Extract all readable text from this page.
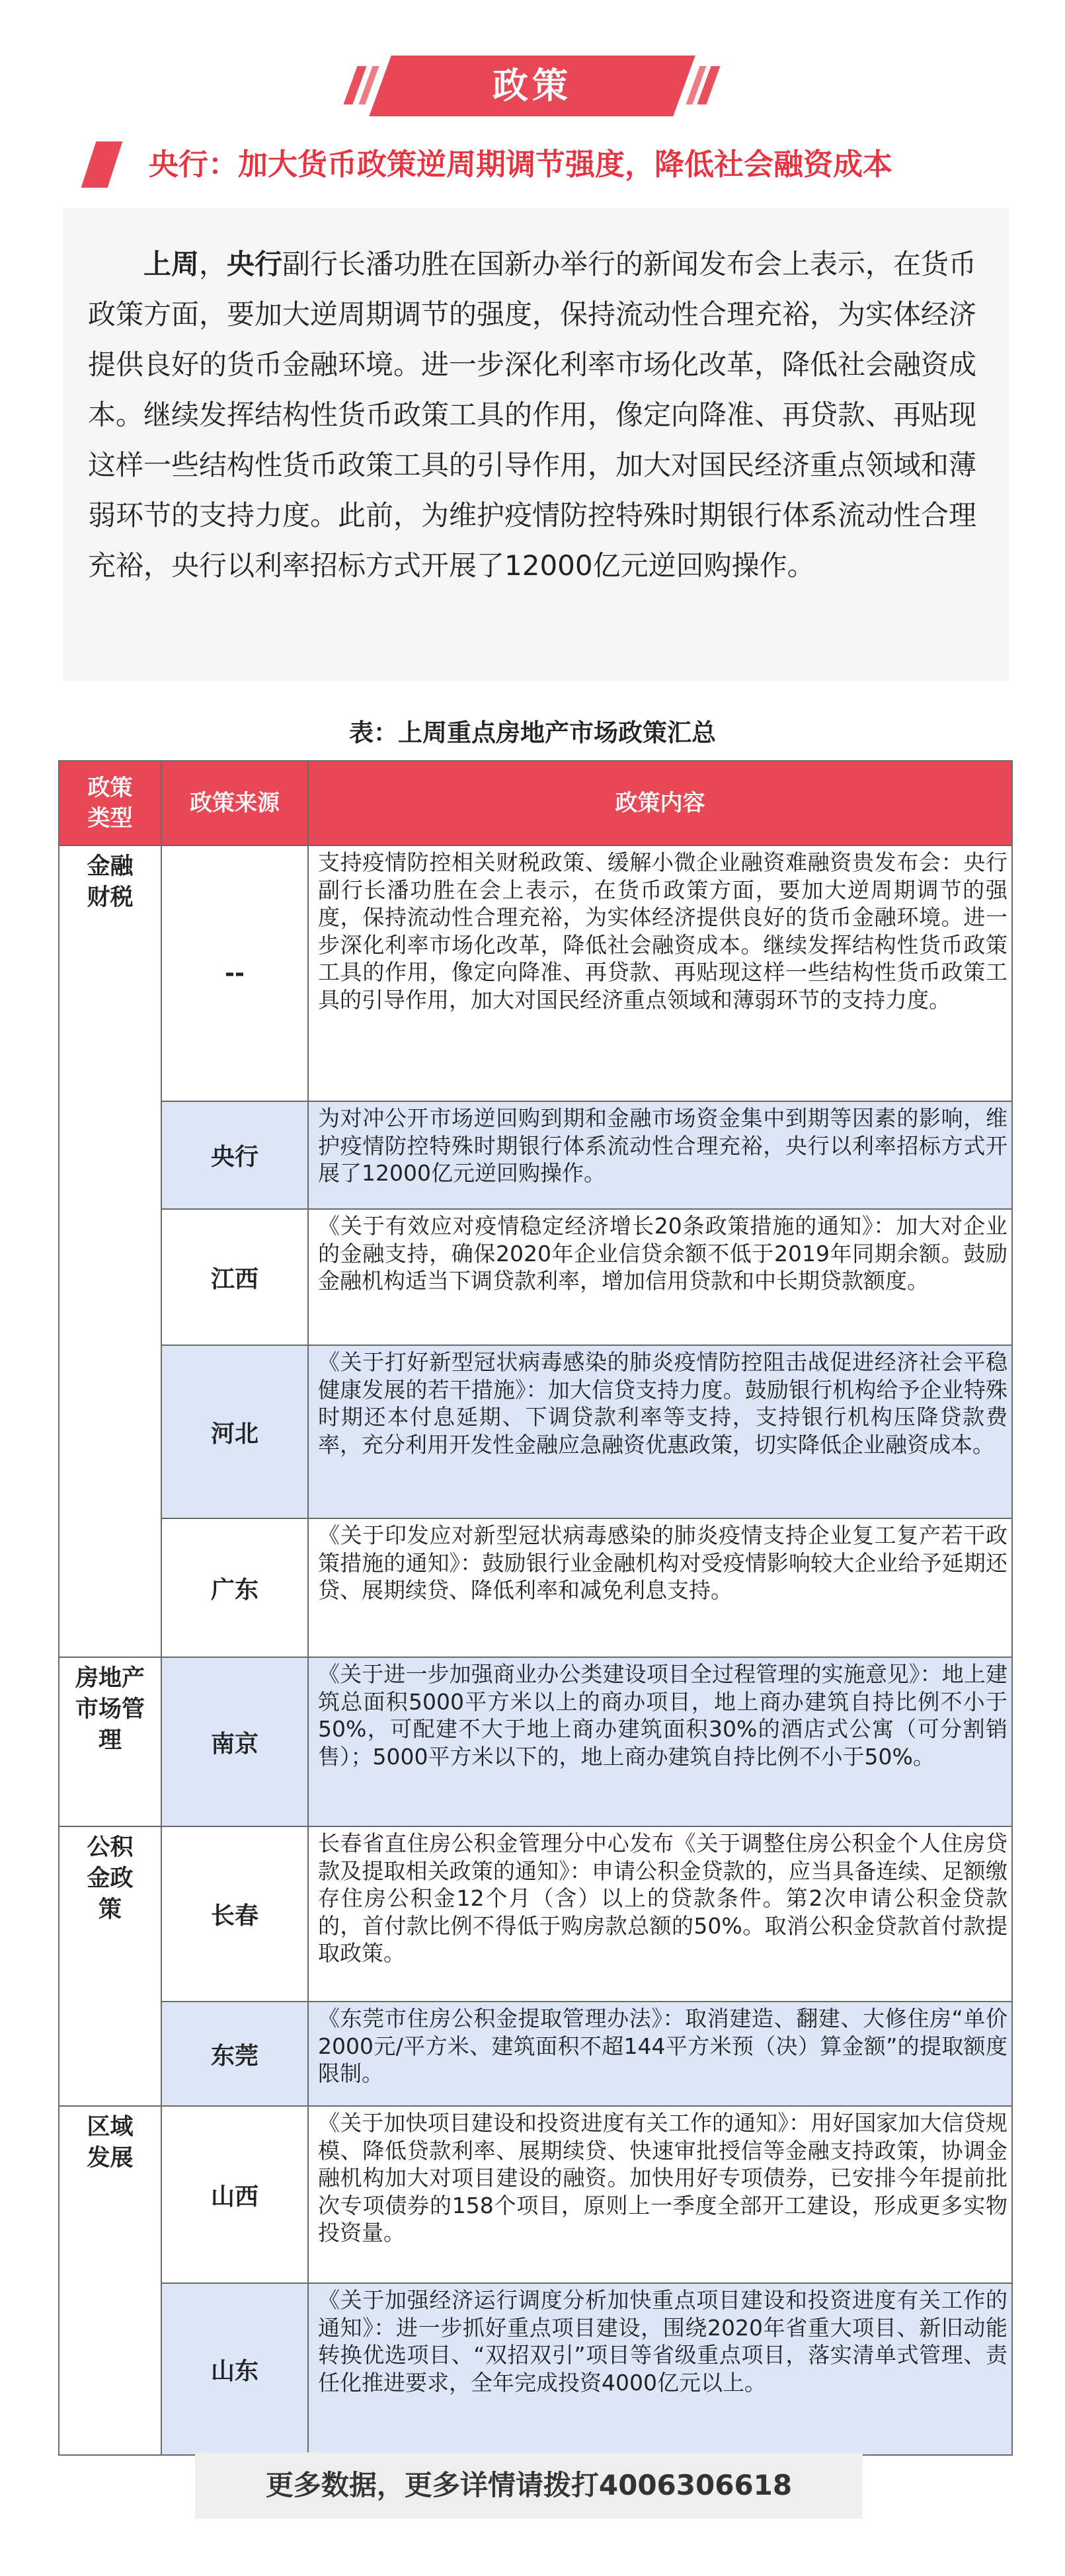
政策
央行：加大货币政策逆周期调节强度，降低社会融资成本

上周，央行副行长潘功胜在国新办举行的新闻发布会上表示，在货币政策方面，要加大逆周期调节的强度，保持流动性合理充裕，为实体经济提供良好的货币金融环境。进一步深化利率市场化改革，降低社会融资成本。继续发挥结构性货币政策工具的作用，像定向降准、再贷款、再贴现这样一些结构性货币政策工具的引导作用，加大对国民经济重点领域和薄弱环节的支持力度。此前，为维护疫情防控特殊时期银行体系流动性合理充裕，央行以利率招标方式开展了12000亿元逆回购操作。

表：上周重点房地产市场政策汇总
政策类型	政策来源	政策内容
金融财税	--	支持疫情防控相关财税政策、缓解小微企业融资难融资贵发布会：央行副行长潘功胜在会上表示，在货币政策方面，要加大逆周期调节的强度，保持流动性合理充裕，为实体经济提供良好的货币金融环境。进一步深化利率市场化改革，降低社会融资成本。继续发挥结构性货币政策工具的作用，像定向降准、再贷款、再贴现这样一些结构性货币政策工具的引导作用，加大对国民经济重点领域和薄弱环节的支持力度。
	央行	为对冲公开市场逆回购到期和金融市场资金集中到期等因素的影响，维护疫情防控特殊时期银行体系流动性合理充裕，央行以利率招标方式开展了12000亿元逆回购操作。
	江西	《关于有效应对疫情稳定经济增长20条政策措施的通知》：加大对企业的金融支持，确保2020年企业信贷余额不低于2019年同期余额。鼓励金融机构适当下调贷款利率，增加信用贷款和中长期贷款额度。
	河北	《关于打好新型冠状病毒感染的肺炎疫情防控阻击战促进经济社会平稳健康发展的若干措施》：加大信贷支持力度。鼓励银行机构给予企业特殊时期还本付息延期、下调贷款利率等支持，支持银行机构压降贷款费率，充分利用开发性金融应急融资优惠政策，切实降低企业融资成本。
	广东	《关于印发应对新型冠状病毒感染的肺炎疫情支持企业复工复产若干政策措施的通知》：鼓励银行业金融机构对受疫情影响较大企业给予延期还贷、展期续贷、降低利率和减免利息支持。
房地产市场管理	南京	《关于进一步加强商业办公类建设项目全过程管理的实施意见》：地上建筑总面积5000平方米以上的商办项目，地上商办建筑自持比例不小于50%，可配建不大于地上商办建筑面积30%的酒店式公寓（可分割销售）；5000平方米以下的，地上商办建筑自持比例不小于50%。
公积金政策	长春	长春省直住房公积金管理分中心发布《关于调整住房公积金个人住房贷款及提取相关政策的通知》：申请公积金贷款的，应当具备连续、足额缴存住房公积金12个月（含）以上的贷款条件。第2次申请公积金贷款的，首付款比例不得低于购房款总额的50%。取消公积金贷款首付款提取政策。
	东莞	《东莞市住房公积金提取管理办法》：取消建造、翻建、大修住房“单价2000元/平方米、建筑面积不超144平方米预（决）算金额”的提取额度限制。
区域发展	山西	《关于加快项目建设和投资进度有关工作的通知》：用好国家加大信贷规模、降低贷款利率、展期续贷、快速审批授信等金融支持政策，协调金融机构加大对项目建设的融资。加快用好专项债券，已安排今年提前批次专项债券的158个项目，原则上一季度全部开工建设，形成更多实物投资量。
	山东	《关于加强经济运行调度分析加快重点项目建设和投资进度有关工作的通知》：进一步抓好重点项目建设，围绕2020年省重大项目、新旧动能转换优选项目、“双招双引”项目等省级重点项目，落实清单式管理、责任化推进要求，全年完成投资4000亿元以上。
更多数据，更多详情请拨打4006306618
